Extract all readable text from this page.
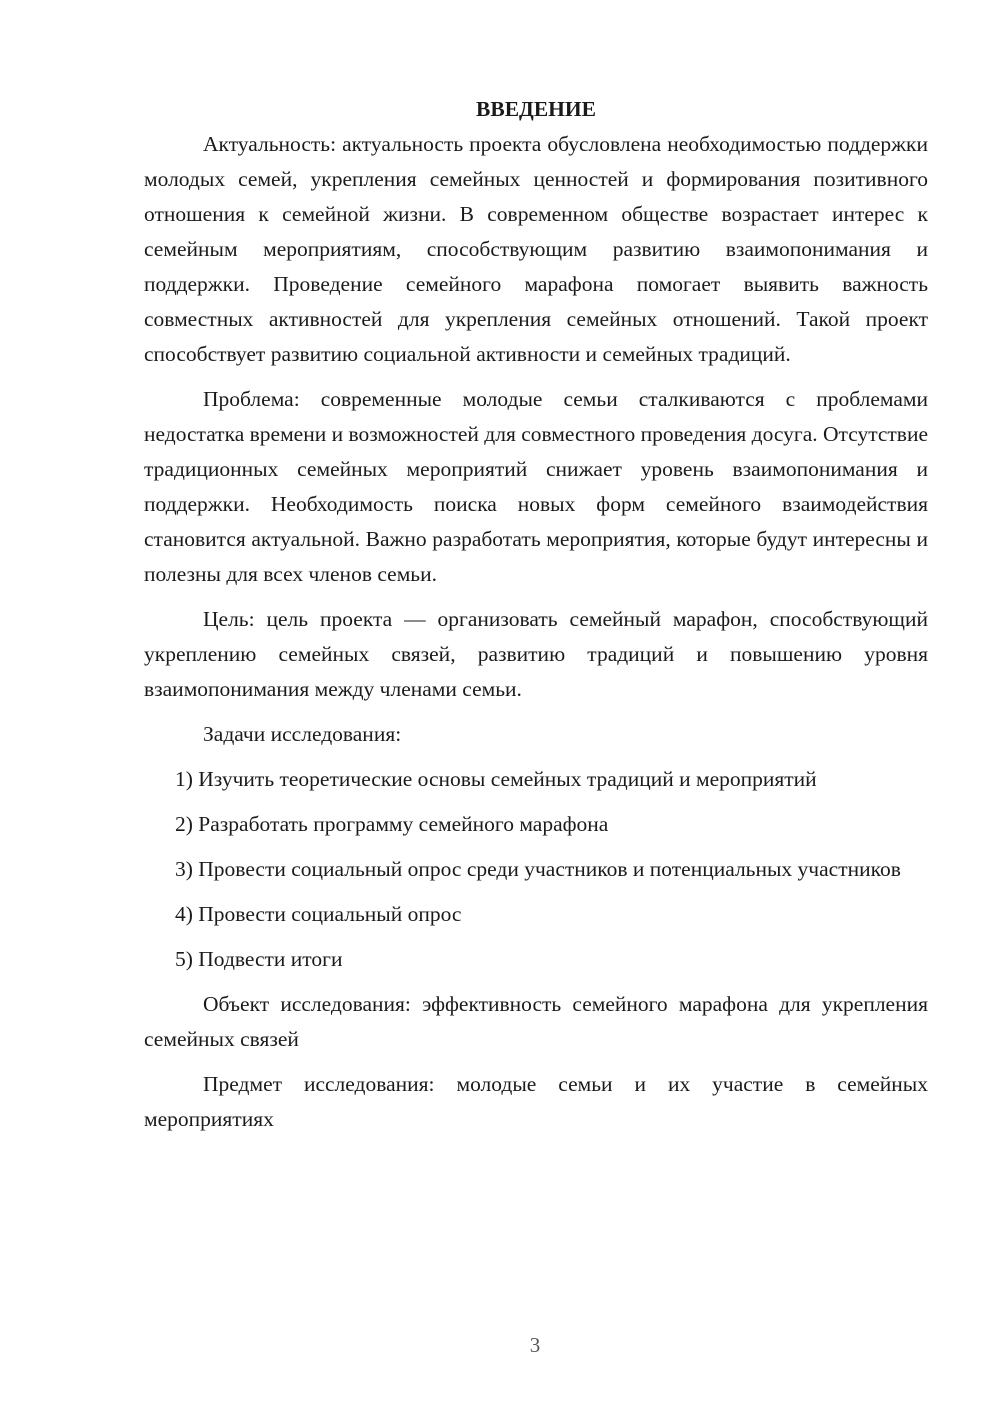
ВВЕДЕНИЕ

Актуальность: актуальность проекта обусловлена необходимостью поддержки молодых семей, укрепления семейных ценностей и формирования позитивного отношения к семейной жизни. В современном обществе возрастает интерес к семейным мероприятиям, способствующим развитию взаимопонимания и поддержки. Проведение семейного марафона помогает выявить важность совместных активностей для укрепления семейных отношений. Такой проект способствует развитию социальной активности и семейных традиций.

Проблема: современные молодые семьи сталкиваются с проблемами недостатка времени и возможностей для совместного проведения досуга. Отсутствие традиционных семейных мероприятий снижает уровень взаимопонимания и поддержки. Необходимость поиска новых форм семейного взаимодействия становится актуальной. Важно разработать мероприятия, которые будут интересны и полезны для всех членов семьи.

Цель: цель проекта — организовать семейный марафон, способствующий укреплению семейных связей, развитию традиций и повышению уровня взаимопонимания между членами семьи.

Задачи исследования:

1) Изучить теоретические основы семейных традиций и мероприятий

2) Разработать программу семейного марафона

3) Провести социальный опрос среди участников и потенциальных участников

4) Провести социальный опрос

5) Подвести итоги

Объект исследования: эффективность семейного марафона для укрепления семейных связей

Предмет исследования: молодые семьи и их участие в семейных мероприятиях

3
